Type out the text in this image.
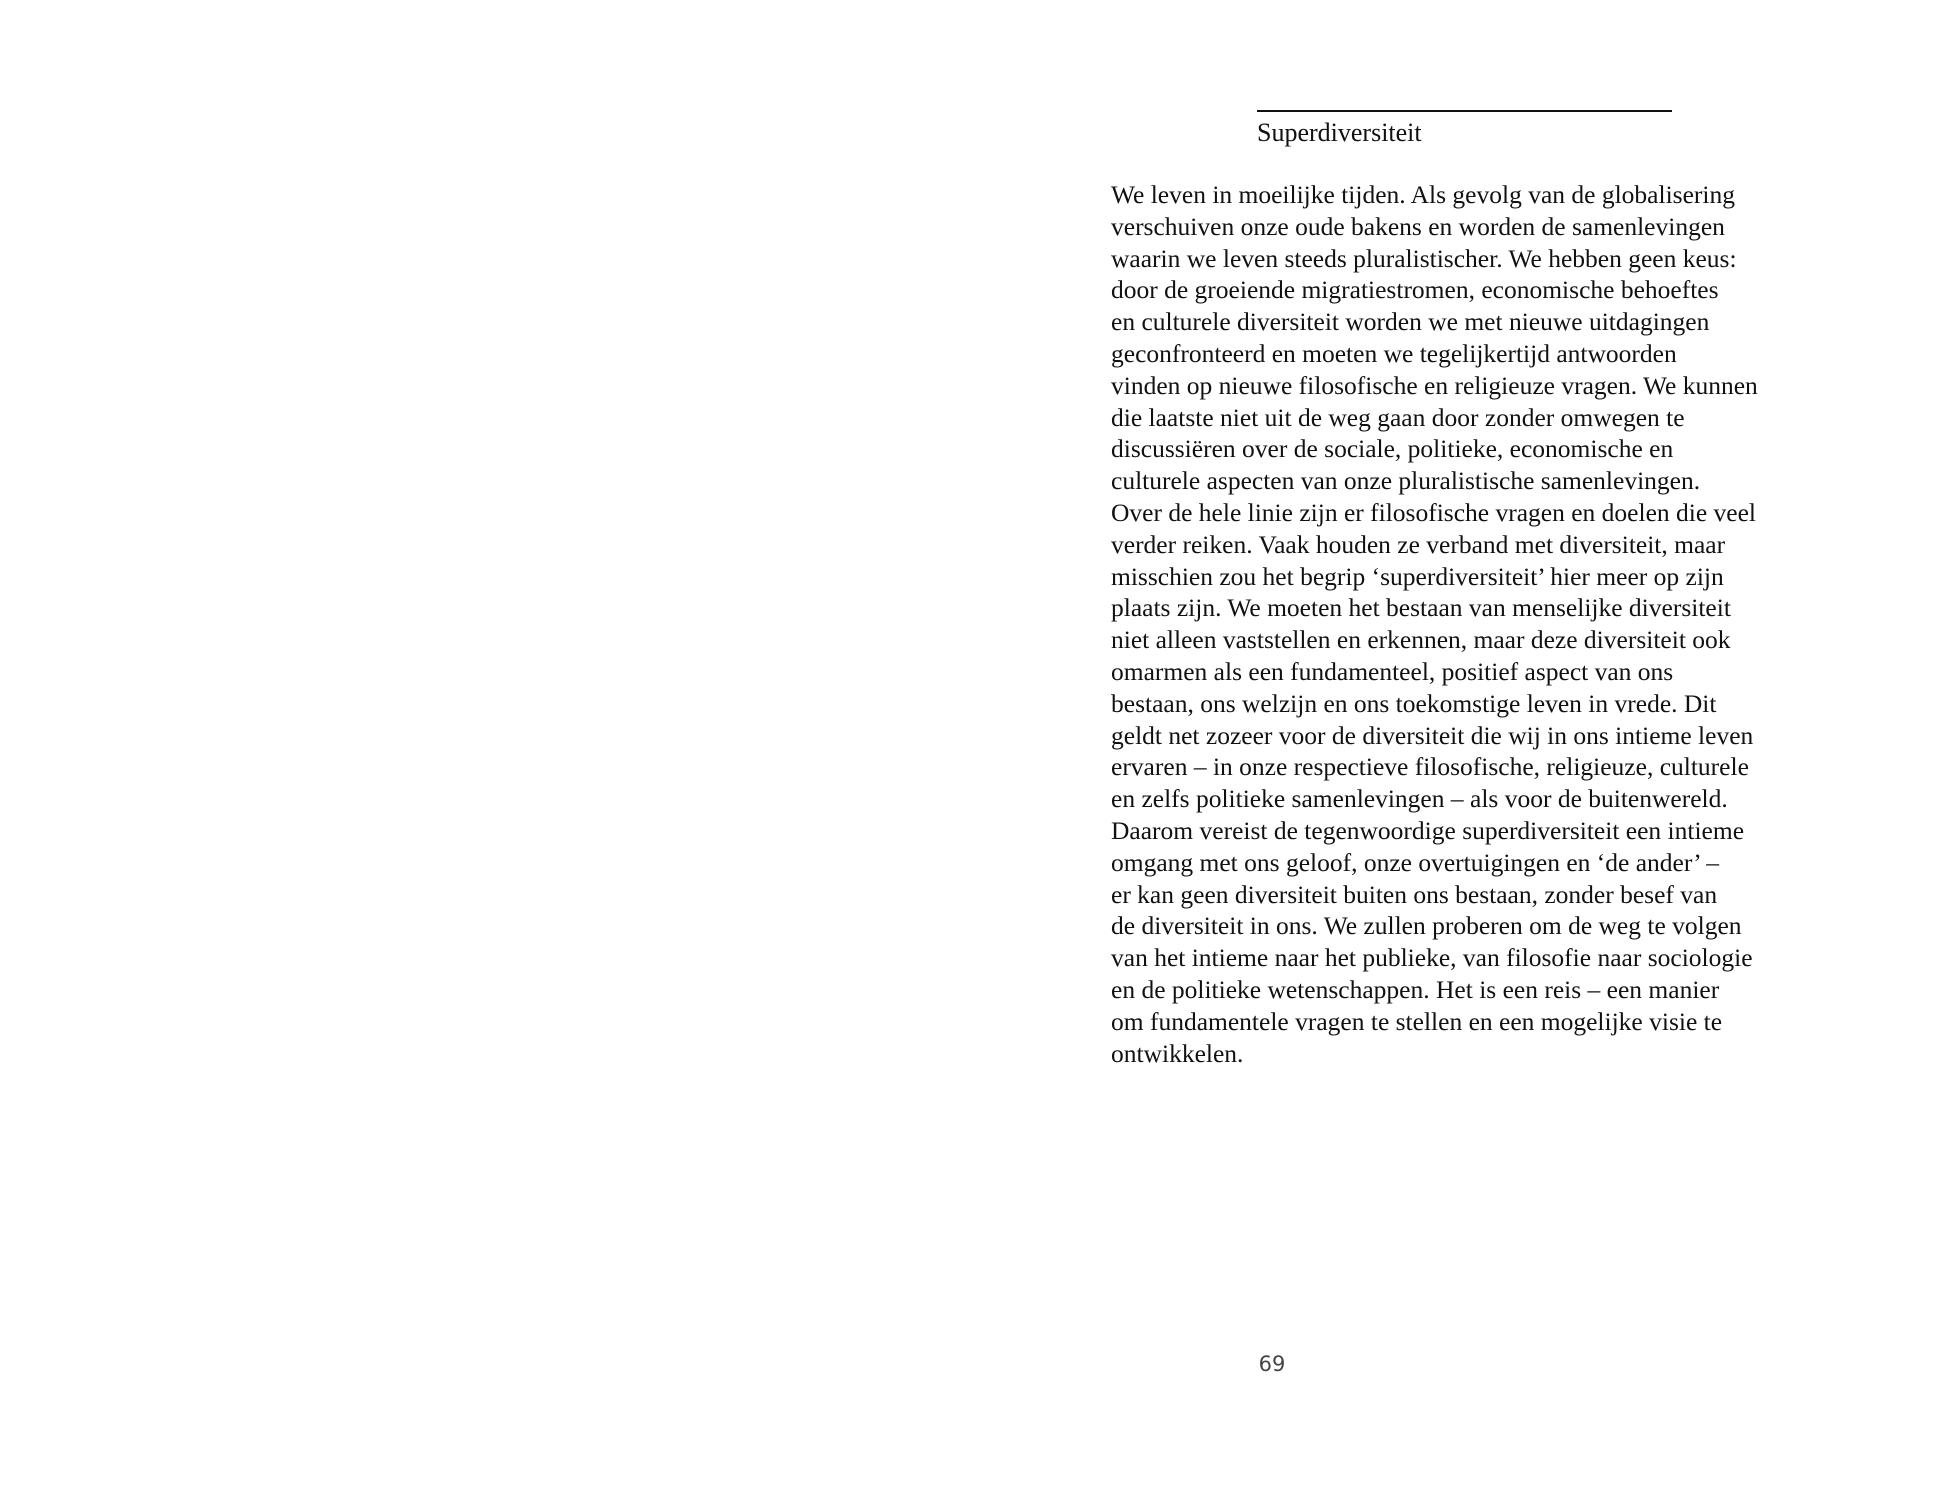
Superdiversiteit
We leven in moeilijke tijden. Als gevolg van de globalisering
verschuiven onze oude bakens en worden de samenlevingen
waarin we leven steeds pluralistischer. We hebben geen keus:
door de groeiende migratiestromen, economische behoeftes
en culturele diversiteit worden we met nieuwe uitdagingen
geconfronteerd en moeten we tegelijkertijd antwoorden
vinden op nieuwe filosofische en religieuze vragen. We kunnen
die laatste niet uit de weg gaan door zonder omwegen te
discussiëren over de sociale, politieke, economische en
culturele aspecten van onze pluralistische samenlevingen.
Over de hele linie zijn er filosofische vragen en doelen die veel
verder reiken. Vaak houden ze verband met diversiteit, maar
misschien zou het begrip ‘superdiversiteit’ hier meer op zijn
plaats zijn. We moeten het bestaan van menselijke diversiteit
niet alleen vaststellen en erkennen, maar deze diversiteit ook
omarmen als een fundamenteel, positief aspect van ons
bestaan, ons welzijn en ons toekomstige leven in vrede. Dit
geldt net zozeer voor de diversiteit die wij in ons intieme leven
ervaren – in onze respectieve filosofische, religieuze, culturele
en zelfs politieke samenlevingen – als voor de buitenwereld.
Daarom vereist de tegenwoordige superdiversiteit een intieme
omgang met ons geloof, onze overtuigingen en ‘de ander’ –
er kan geen diversiteit buiten ons bestaan, zonder besef van
de diversiteit in ons. We zullen proberen om de weg te volgen
van het intieme naar het publieke, van filosofie naar sociologie
en de politieke wetenschappen. Het is een reis – een manier
om fundamentele vragen te stellen en een mogelijke visie te
ontwikkelen.
69
